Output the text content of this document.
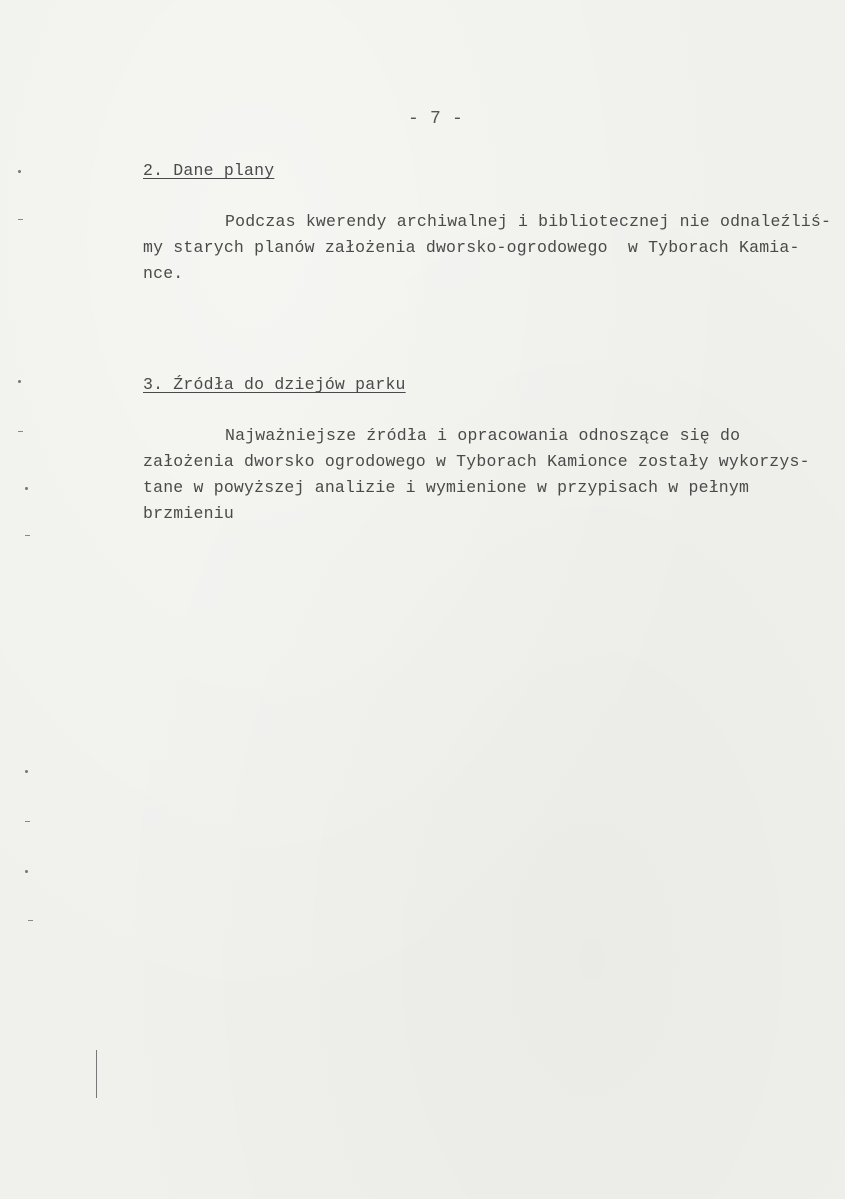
- 7 -
2. Dane plany
Podczas kwerendy archiwalnej i bibliotecznej nie odnaleźliś-
my starych planów założenia dworsko-ogrodowego  w Tyborach Kamia-
nce.
3. Źródła do dziejów parku
Najważniejsze źródła i opracowania odnoszące się do
założenia dworsko ogrodowego w Tyborach Kamionce zostały wykorzys-
tane w powyższej analizie i wymienione w przypisach w pełnym
brzmieniu
